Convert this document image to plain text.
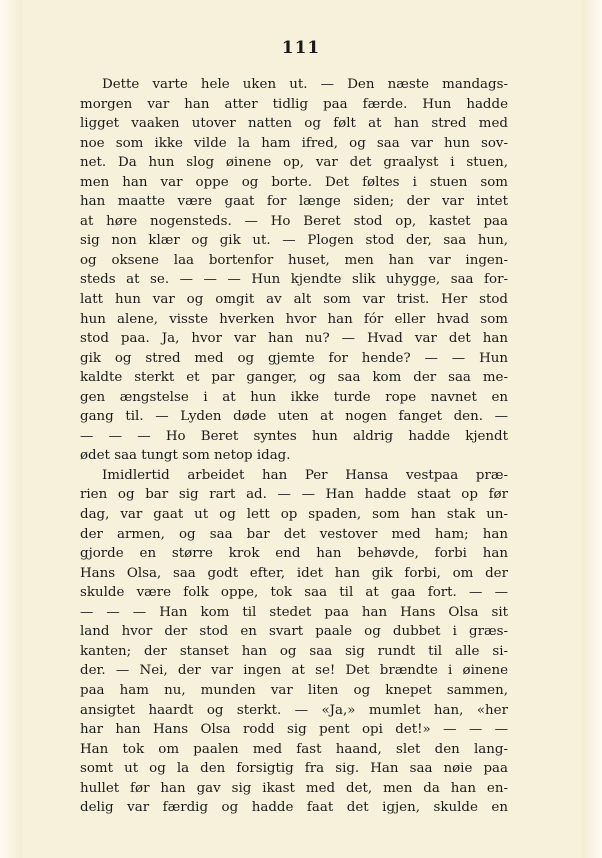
111
Dette varte hele uken ut. — Den næste mandags-
morgen var han atter tidlig paa færde. Hun hadde
ligget vaaken utover natten og følt at han stred med
noe som ikke vilde la ham ifred, og saa var hun sov-
net. Da hun slog øinene op, var det graalyst i stuen,
men han var oppe og borte. Det føltes i stuen som
han maatte være gaat for længe siden; der var intet
at høre nogensteds. — Ho Beret stod op, kastet paa
sig non klær og gik ut. — Plogen stod der, saa hun,
og oksene laa bortenfor huset, men han var ingen-
steds at se. — — — Hun kjendte slik uhygge, saa for-
latt hun var og omgit av alt som var trist. Her stod
hun alene, visste hverken hvor han fór eller hvad som
stod paa. Ja, hvor var han nu? — Hvad var det han
gik og stred med og gjemte for hende? — — Hun
kaldte sterkt et par ganger, og saa kom der saa me-
gen ængstelse i at hun ikke turde rope navnet en
gang til. — Lyden døde uten at nogen fanget den. —
— — — Ho Beret syntes hun aldrig hadde kjendt
ødet saa tungt som netop idag.
Imidlertid arbeidet han Per Hansa vestpaa præ-
rien og bar sig rart ad. — — Han hadde staat op før
dag, var gaat ut og lett op spaden, som han stak un-
der armen, og saa bar det vestover med ham; han
gjorde en større krok end han behøvde, forbi han
Hans Olsa, saa godt efter, idet han gik forbi, om der
skulde være folk oppe, tok saa til at gaa fort. — —
— — — Han kom til stedet paa han Hans Olsa sit
land hvor der stod en svart paale og dubbet i græs-
kanten; der stanset han og saa sig rundt til alle si-
der. — Nei, der var ingen at se! Det brændte i øinene
paa ham nu, munden var liten og knepet sammen,
ansigtet haardt og sterkt. — «Ja,» mumlet han, «her
har han Hans Olsa rodd sig pent opi det!» — — —
Han tok om paalen med fast haand, slet den lang-
somt ut og la den forsigtig fra sig. Han saa nøie paa
hullet før han gav sig ikast med det, men da han en-
delig var færdig og hadde faat det igjen, skulde en
